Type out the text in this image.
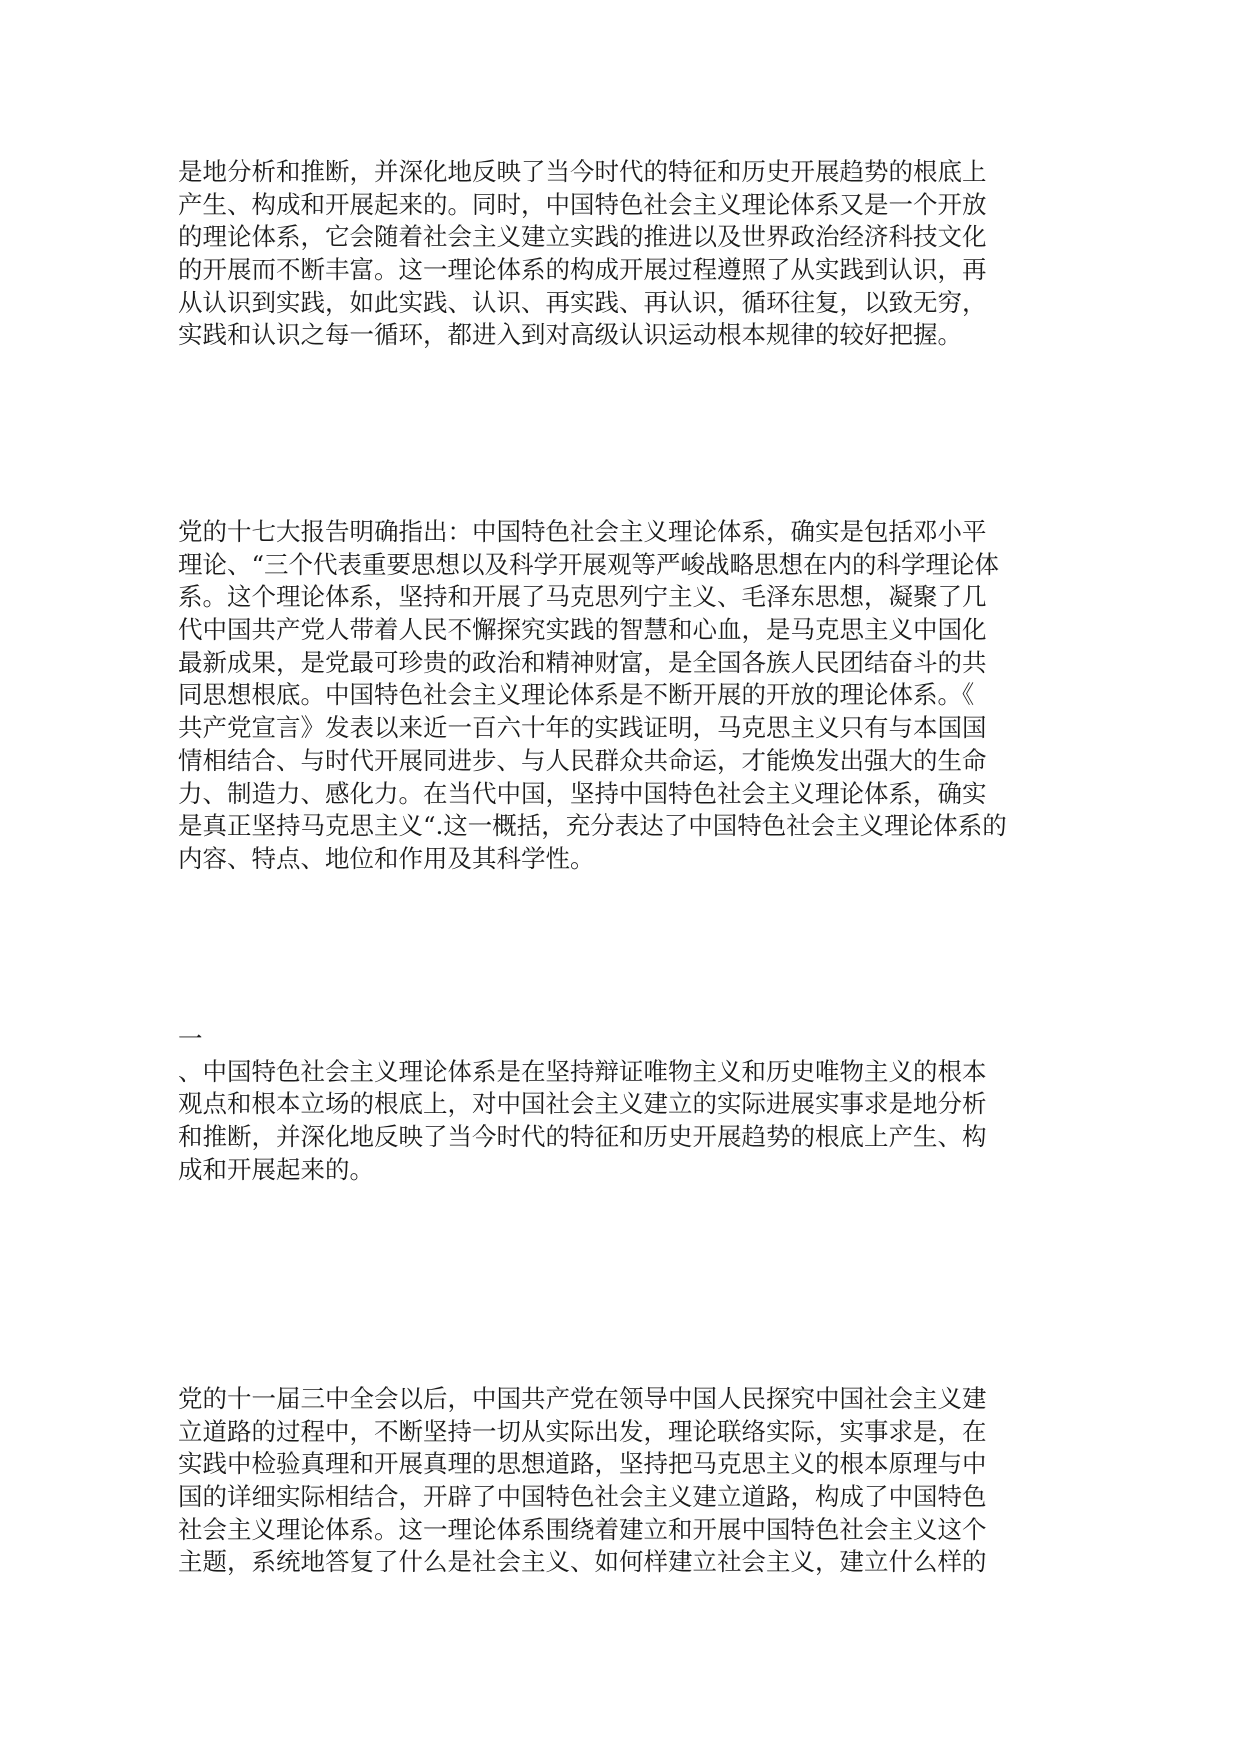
是地分析和推断，并深化地反映了当今时代的特征和历史开展趋势的根底上
产生、构成和开展起来的。同时，中国特色社会主义理论体系又是一个开放
的理论体系，它会随着社会主义建立实践的推进以及世界政治经济科技文化
的开展而不断丰富。这一理论体系的构成开展过程遵照了从实践到认识，再
从认识到实践，如此实践、认识、再实践、再认识，循环往复，以致无穷，
实践和认识之每一循环，都进入到对高级认识运动根本规律的较好把握。
党的十七大报告明确指出：中国特色社会主义理论体系，确实是包括邓小平
理论、“三个代表重要思想以及科学开展观等严峻战略思想在内的科学理论体
系。这个理论体系，坚持和开展了马克思列宁主义、毛泽东思想，凝聚了几
代中国共产党人带着人民不懈探究实践的智慧和心血，是马克思主义中国化
最新成果，是党最可珍贵的政治和精神财富，是全国各族人民团结奋斗的共
同思想根底。中国特色社会主义理论体系是不断开展的开放的理论体系。《
共产党宣言》发表以来近一百六十年的实践证明，马克思主义只有与本国国
情相结合、与时代开展同进步、与人民群众共命运，才能焕发出强大的生命
力、制造力、感化力。在当代中国，坚持中国特色社会主义理论体系，确实
是真正坚持马克思主义“.这一概括，充分表达了中国特色社会主义理论体系的
内容、特点、地位和作用及其科学性。
一
、中国特色社会主义理论体系是在坚持辩证唯物主义和历史唯物主义的根本
观点和根本立场的根底上，对中国社会主义建立的实际进展实事求是地分析
和推断，并深化地反映了当今时代的特征和历史开展趋势的根底上产生、构
成和开展起来的。
党的十一届三中全会以后，中国共产党在领导中国人民探究中国社会主义建
立道路的过程中，不断坚持一切从实际出发，理论联络实际，实事求是，在
实践中检验真理和开展真理的思想道路，坚持把马克思主义的根本原理与中
国的详细实际相结合，开辟了中国特色社会主义建立道路，构成了中国特色
社会主义理论体系。这一理论体系围绕着建立和开展中国特色社会主义这个
主题，系统地答复了什么是社会主义、如何样建立社会主义，建立什么样的
